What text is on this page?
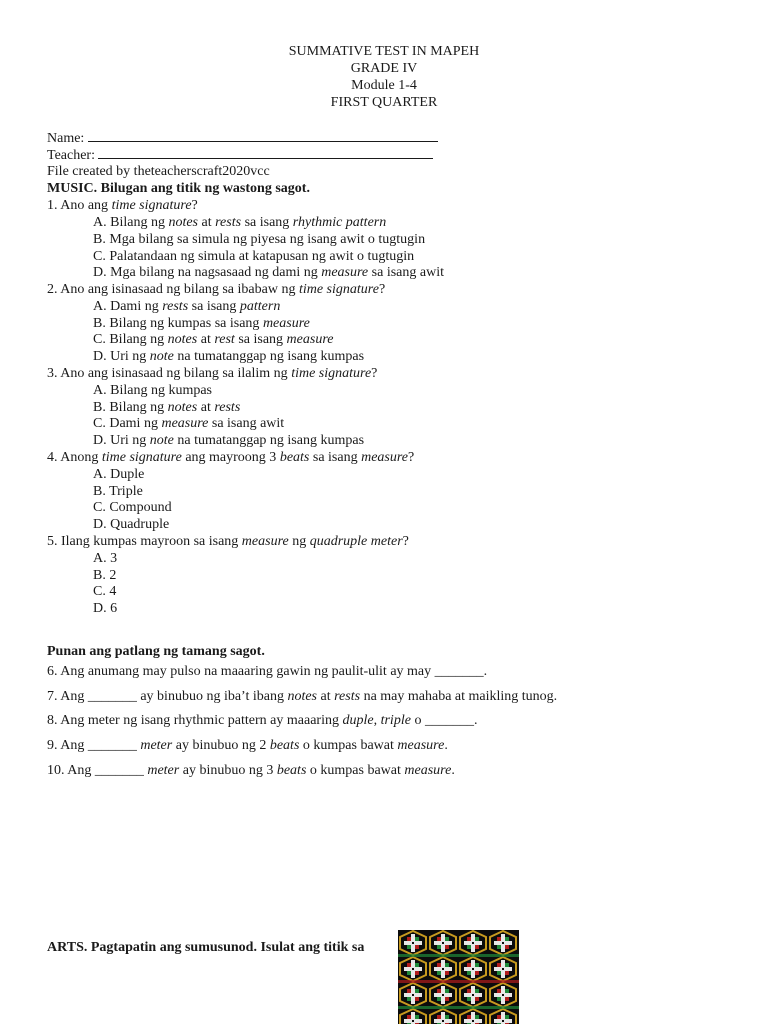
SUMMATIVE TEST IN MAPEH
GRADE IV
Module 1-4
FIRST QUARTER
Name:
Teacher:
File created by theteacherscraft2020vcc
MUSIC. Bilugan ang titik ng wastong sagot.
1. Ano ang time signature?
A. Bilang ng notes at rests sa isang rhythmic pattern
B. Mga bilang sa simula ng piyesa ng isang awit o tugtugin
C. Palatandaan ng simula at katapusan ng awit o tugtugin
D. Mga bilang na nagsasaad ng dami ng measure sa isang awit
2. Ano ang isinasaad ng bilang sa ibabaw ng time signature?
A. Dami ng rests sa isang pattern
B. Bilang ng kumpas sa isang measure
C. Bilang ng notes at rest sa isang measure
D. Uri ng note na tumatanggap ng isang kumpas
3. Ano ang isinasaad ng bilang sa ilalim ng time signature?
A. Bilang ng kumpas
B. Bilang ng notes at rests
C. Dami ng measure sa isang awit
D. Uri ng note na tumatanggap ng isang kumpas
4. Anong time signature ang mayroong 3 beats sa isang measure?
A. Duple
B. Triple
C. Compound
D. Quadruple
5. Ilang kumpas mayroon sa isang measure ng quadruple meter?
A. 3
B. 2
C. 4
D. 6
Punan ang patlang ng tamang sagot.
6. Ang anumang may pulso na maaaring gawin ng paulit-ulit ay may _______.
7. Ang _______ ay binubuo ng iba’t ibang notes at rests na may mahaba at maikling tunog.
8. Ang meter ng isang rhythmic pattern ay maaaring duple, triple o _______.
9. Ang _______ meter ay binubuo ng 2 beats o kumpas bawat measure.
10. Ang _______ meter ay binubuo ng 3 beats o kumpas bawat measure.
ARTS. Pagtapatin ang sumusunod. Isulat ang titik sa
